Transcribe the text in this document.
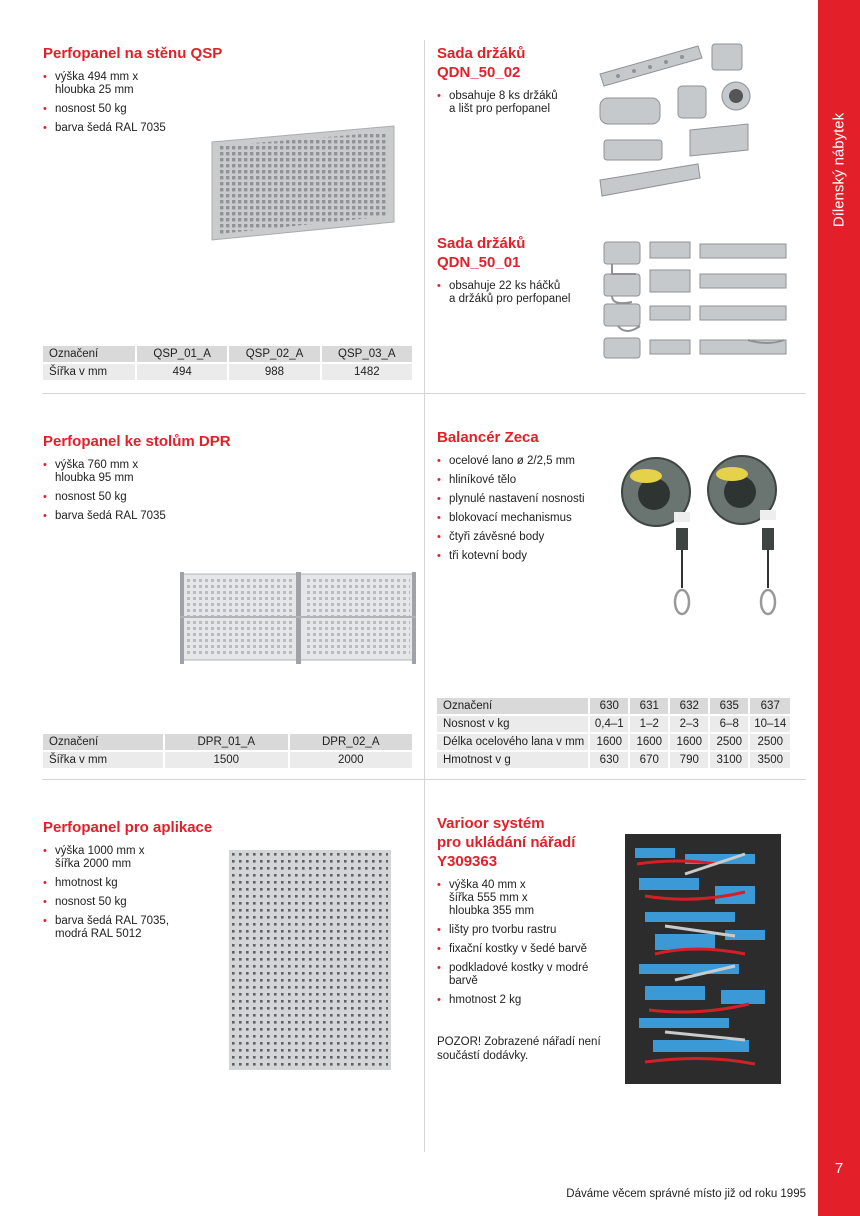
Dílenský nábytek
7
Perfopanel na stěnu QSP
• výška 494 mm x
hloubka 25 mm
• nosnost 50 kg
• barva šedá RAL 7035
Označení	QSP_01_A	QSP_02_A	QSP_03_A
Šířka v mm	494	988	1482
Sada držáků
QDN_50_02
• obsahuje 8 ks držáků
a lišt pro perfopanel
Sada držáků
QDN_50_01
• obsahuje 22 ks háčků
a držáků pro perfopanel
Perfopanel ke stolům DPR
• výška 760 mm x
hloubka 95 mm
• nosnost 50 kg
• barva šedá RAL 7035
Označení	DPR_01_A	DPR_02_A
Šířka v mm	1500	2000
Balancér Zeca
• ocelové lano ø 2/2,5 mm
• hliníkové tělo
• plynulé nastavení nosnosti
• blokovací mechanismus
• čtyři závěsné body
• tři kotevní body
Označení	630	631	632	635	637
Nosnost v kg	0,4–1	1–2	2–3	6–8	10–14
Délka ocelového lana v mm	1600	1600	1600	2500	2500
Hmotnost v g	630	670	790	3100	3500
Perfopanel pro aplikace
• výška 1000 mm x
šířka 2000 mm
• hmotnost kg
• nosnost 50 kg
• barva šedá RAL 7035,
modrá RAL 5012
Varioor systém
pro ukládání nářadí
Y309363
• výška 40 mm x
šířka 555 mm x
hloubka 355 mm
• lišty pro tvorbu rastru
• fixační kostky v šedé barvě
• podkladové kostky v modré
barvě
• hmotnost 2 kg
POZOR! Zobrazené nářadí není
součástí dodávky.
Dáváme věcem správné místo již od roku 1995
